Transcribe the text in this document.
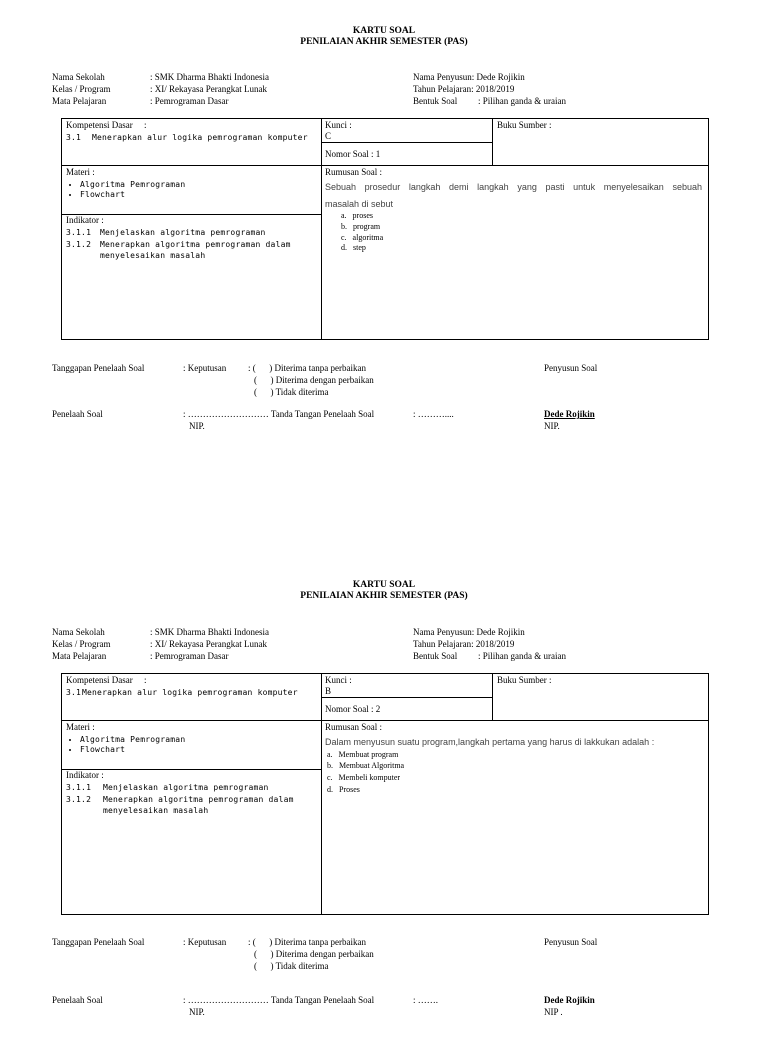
KARTU SOAL
PENILAIAN AKHIR SEMESTER (PAS)
Nama Sekolah	: SMK Dharma Bhakti Indonesia
Kelas / Program	: XI/ Rekayasa Perangkat Lunak
Mata Pelajaran	: Pemrograman Dasar
Nama Penyusun: Dede Rojikin
Tahun Pelajaran: 2018/2019
Bentuk Soal : Pilihan ganda & uraian
Kompetensi Dasar     :
3.1 Menerapkan alur logika pemrograman komputer
Kunci :
C
Nomor Soal : 1
Buku Sumber :
Materi :
• Algoritma Pemrograman
• Flowchart
Indikator :
3.1.1 Menjelaskan algoritma pemrograman
3.1.2 Menerapkan algoritma pemrograman dalam
menyelesaikan masalah
Rumusan Soal :
Sebuah prosedur langkah demi langkah yang pasti untuk menyelesaikan sebuah
masalah di sebut
a.   proses
b.   program
c.   algoritma
d.   step
Tanggapan Penelaah Soal	: Keputusan : (      ) Diterima tanpa perbaikan
(      ) Diterima dengan perbaikan
(      ) Tidak diterima
Penyusun Soal
Penelaah Soal	: ……………………… Tanda Tangan Penelaah Soal	: ………....
NIP.
Dede Rojikin
NIP.
KARTU SOAL
PENILAIAN AKHIR SEMESTER (PAS)
Nama Sekolah	: SMK Dharma Bhakti Indonesia
Kelas / Program	: XI/ Rekayasa Perangkat Lunak
Mata Pelajaran	: Pemrograman Dasar
Nama Penyusun: Dede Rojikin
Tahun Pelajaran: 2018/2019
Bentuk Soal : Pilihan ganda & uraian
Kompetensi Dasar     :
3.1 Menerapkan alur logika pemrograman komputer
Kunci :
B
Nomor Soal : 2
Buku Sumber :
Materi :
• Algoritma Pemrograman
• Flowchart
Indikator :
3.1.1 Menjelaskan algoritma pemrograman
3.1.2 Menerapkan algoritma pemrograman dalam
menyelesaikan masalah
Rumusan Soal :
Dalam menyusun suatu program,langkah pertama yang harus di lakkukan adalah :
a.   Membuat program
b.   Membuat Algoritma
c.   Membeli komputer
d.   Proses
Tanggapan Penelaah Soal	: Keputusan : (      ) Diterima tanpa perbaikan
(      ) Diterima dengan perbaikan
(      ) Tidak diterima
Penyusun Soal
Penelaah Soal	: ……………………… Tanda Tangan Penelaah Soal	: …….
NIP.
Dede Rojikin
NIP .
